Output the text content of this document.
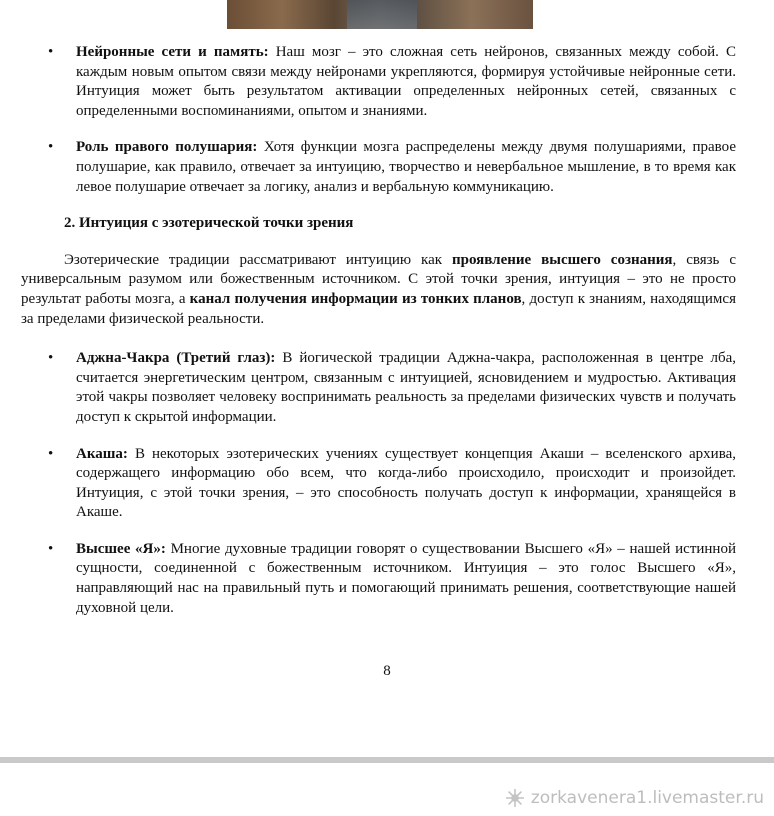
• Нейронные сети и память: Наш мозг – это сложная сеть нейронов, связанных между собой. С каждым новым опытом связи между нейронами укрепляются, формируя устойчивые нейронные сети. Интуиция может быть результатом активации определенных нейронных сетей, связанных с определенными воспоминаниями, опытом и знаниями.
• Роль правого полушария: Хотя функции мозга распределены между двумя полушариями, правое полушарие, как правило, отвечает за интуицию, творчество и невербальное мышление, в то время как левое полушарие отвечает за логику, анализ и вербальную коммуникацию.
2. Интуиция с эзотерической точки зрения

Эзотерические традиции рассматривают интуицию как проявление высшего сознания, связь с универсальным разумом или божественным источником. С этой точки зрения, интуиция – это не просто результат работы мозга, а канал получения информации из тонких планов, доступ к знаниям, находящимся за пределами физической реальности.

• Аджна-Чакра (Третий глаз): В йогической традиции Аджна-чакра, расположенная в центре лба, считается энергетическим центром, связанным с интуицией, ясновидением и мудростью. Активация этой чакры позволяет человеку воспринимать реальность за пределами физических чувств и получать доступ к скрытой информации.
• Акаша: В некоторых эзотерических учениях существует концепция Акаши – вселенского архива, содержащего информацию обо всем, что когда-либо происходило, происходит и произойдет. Интуиция, с этой точки зрения, – это способность получать доступ к информации, хранящейся в Акаше.
• Высшее «Я»: Многие духовные традиции говорят о существовании Высшего «Я» – нашей истинной сущности, соединенной с божественным источником. Интуиция – это голос Высшего «Я», направляющий нас на правильный путь и помогающий принимать решения, соответствующие нашей духовной цели.
8
zorkavenera1.livemaster.ru
